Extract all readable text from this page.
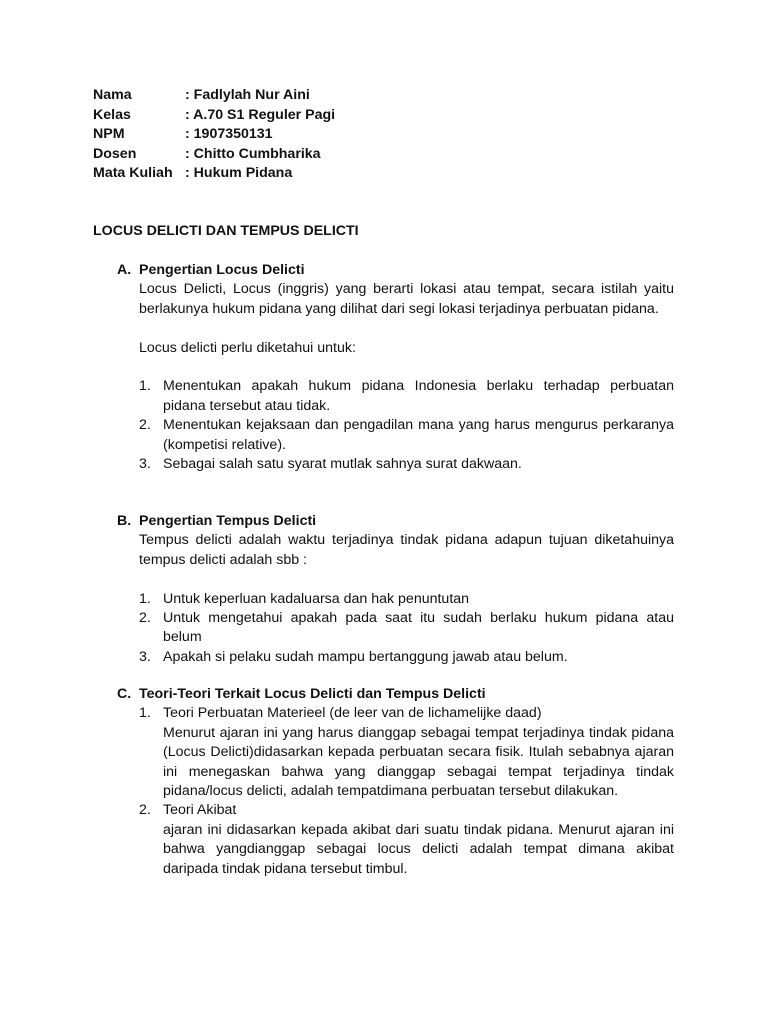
Nama	: Fadlylah Nur Aini
Kelas	: A.70 S1 Reguler Pagi
NPM	: 1907350131
Dosen	: Chitto Cumbharika
Mata Kuliah : Hukum Pidana
LOCUS DELICTI DAN TEMPUS DELICTI
A. Pengertian Locus Delicti
Locus Delicti, Locus (inggris) yang berarti lokasi atau tempat, secara istilah yaitu berlakunya hukum pidana yang dilihat dari segi lokasi terjadinya perbuatan pidana.
Locus delicti perlu diketahui untuk:
1. Menentukan apakah hukum pidana Indonesia berlaku terhadap perbuatan pidana tersebut atau tidak.
2. Menentukan kejaksaan dan pengadilan mana yang harus mengurus perkaranya (kompetisi relative).
3. Sebagai salah satu syarat mutlak sahnya surat dakwaan.
B. Pengertian Tempus Delicti
Tempus delicti adalah waktu terjadinya tindak pidana adapun tujuan diketahuinya tempus delicti adalah sbb :
1. Untuk keperluan kadaluarsa dan hak penuntutan
2. Untuk mengetahui apakah pada saat itu sudah berlaku hukum pidana atau belum
3. Apakah si pelaku sudah mampu bertanggung jawab atau belum.
C. Teori-Teori Terkait Locus Delicti dan Tempus Delicti
1. Teori Perbuatan Materieel (de leer van de lichamelijke daad)
Menurut ajaran ini yang harus dianggap sebagai tempat terjadinya tindak pidana (Locus Delicti)didasarkan kepada perbuatan secara fisik. Itulah sebabnya ajaran ini menegaskan bahwa yang dianggap sebagai tempat terjadinya tindak pidana/locus delicti, adalah tempatdimana perbuatan tersebut dilakukan.
2. Teori Akibat
ajaran ini didasarkan kepada akibat dari suatu tindak pidana. Menurut ajaran ini bahwa yangdianggap sebagai locus delicti adalah tempat dimana akibat daripada tindak pidana tersebut timbul.
